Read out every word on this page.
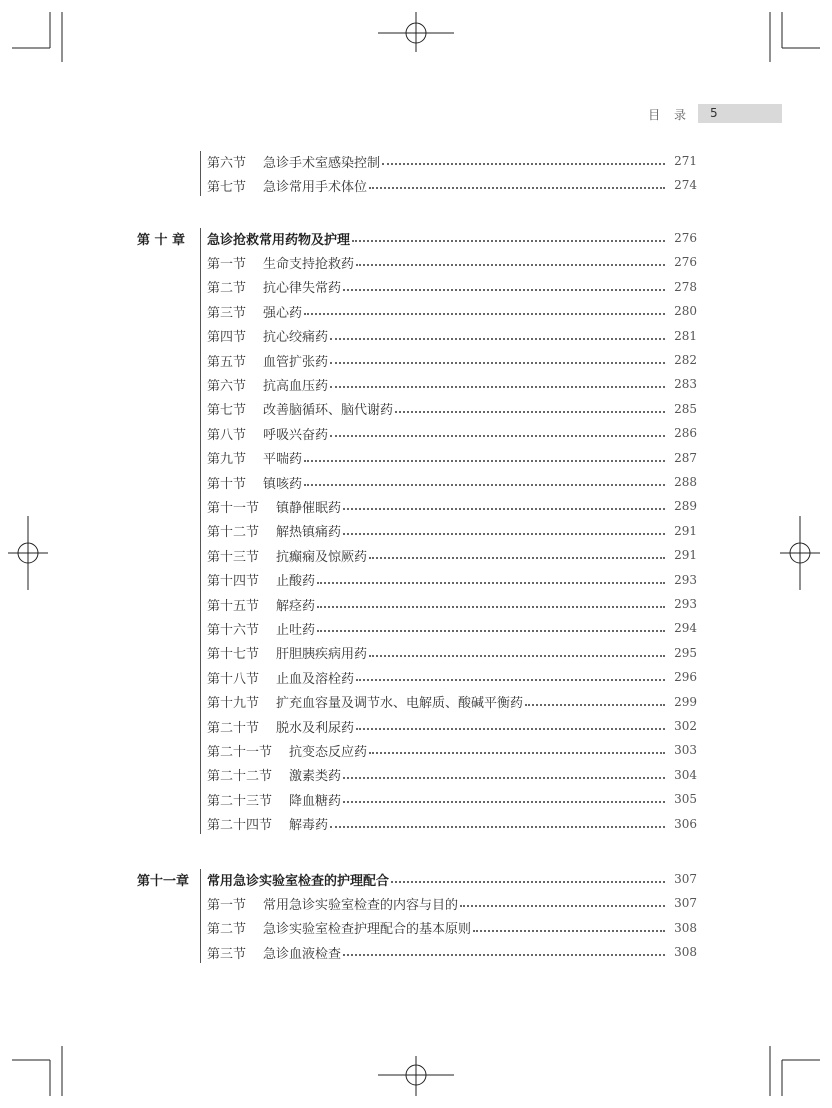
目 录 5
第六节 急诊手术室感染控制	271
第七节 急诊常用手术体位	274
第 十 章	急诊抢救常用药物及护理	276
第一节 生命支持抢救药	276
第二节 抗心律失常药	278
第三节 强心药	280
第四节 抗心绞痛药	281
第五节 血管扩张药	282
第六节 抗高血压药	283
第七节 改善脑循环、脑代谢药	285
第八节 呼吸兴奋药	286
第九节 平喘药	287
第十节 镇咳药	288
第十一节 镇静催眠药	289
第十二节 解热镇痛药	291
第十三节 抗癫痫及惊厥药	291
第十四节 止酸药	293
第十五节 解痉药	293
第十六节 止吐药	294
第十七节 肝胆胰疾病用药	295
第十八节 止血及溶栓药	296
第十九节 扩充血容量及调节水、电解质、酸碱平衡药	299
第二十节 脱水及利尿药	302
第二十一节 抗变态反应药	303
第二十二节 激素类药	304
第二十三节 降血糖药	305
第二十四节 解毒药	306
第十一章	常用急诊实验室检查的护理配合	307
第一节 常用急诊实验室检查的内容与目的	307
第二节 急诊实验室检查护理配合的基本原则	308
第三节 急诊血液检查	308
